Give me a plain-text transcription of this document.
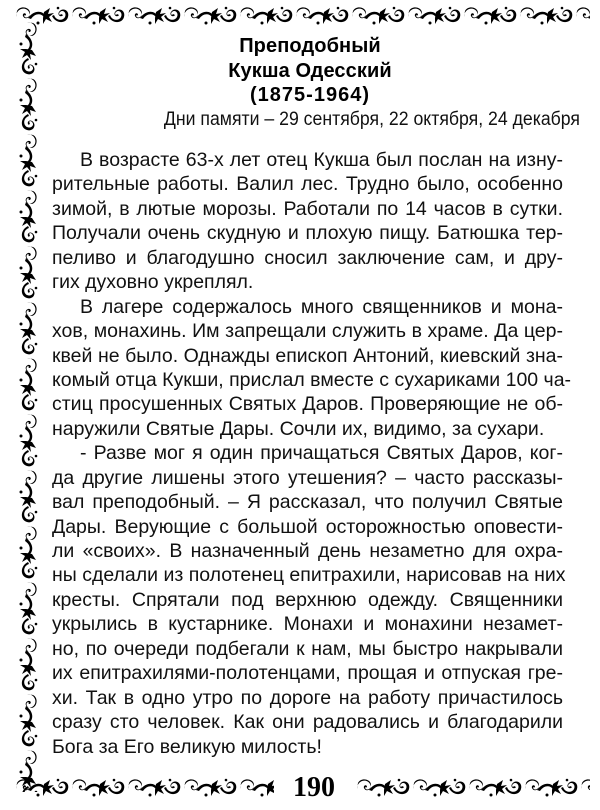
Преподобный
Кукша Одесский
(1875-1964)
Дни памяти – 29 сентября, 22 октября, 24 декабря
В возрасте 63-х лет отец Кукша был послан на изну-
рительные работы. Валил лес. Трудно было, особенно
зимой, в лютые морозы. Работали по 14 часов в сутки.
Получали очень скудную и плохую пищу. Батюшка тер-
пеливо и благодушно сносил заключение сам, и дру-
гих духовно укреплял.
В лагере содержалось много священников и мона-
хов, монахинь. Им запрещали служить в храме. Да цер-
квей не было. Однажды епископ Антоний, киевский зна-
комый отца Кукши, прислал вместе с сухариками 100 ча-
стиц просушенных Святых Даров. Проверяющие не об-
наружили Святые Дары. Сочли их, видимо, за сухари.
- Разве мог я один причащаться Святых Даров, ког-
да другие лишены этого утешения? – часто рассказы-
вал преподобный. – Я рассказал, что получил Святые
Дары. Верующие с большой осторожностью оповести-
ли «своих». В назначенный день незаметно для охра-
ны сделали из полотенец епитрахили, нарисовав на них
кресты. Спрятали под верхнюю одежду. Священники
укрылись в кустарнике. Монахи и монахини незамет-
но, по очереди подбегали к нам, мы быстро накрывали
их епитрахилями-полотенцами, прощая и отпуская гре-
хи. Так в одно утро по дороге на работу причастилось
сразу сто человек. Как они радовались и благодарили
Бога за Его великую милость!
190
